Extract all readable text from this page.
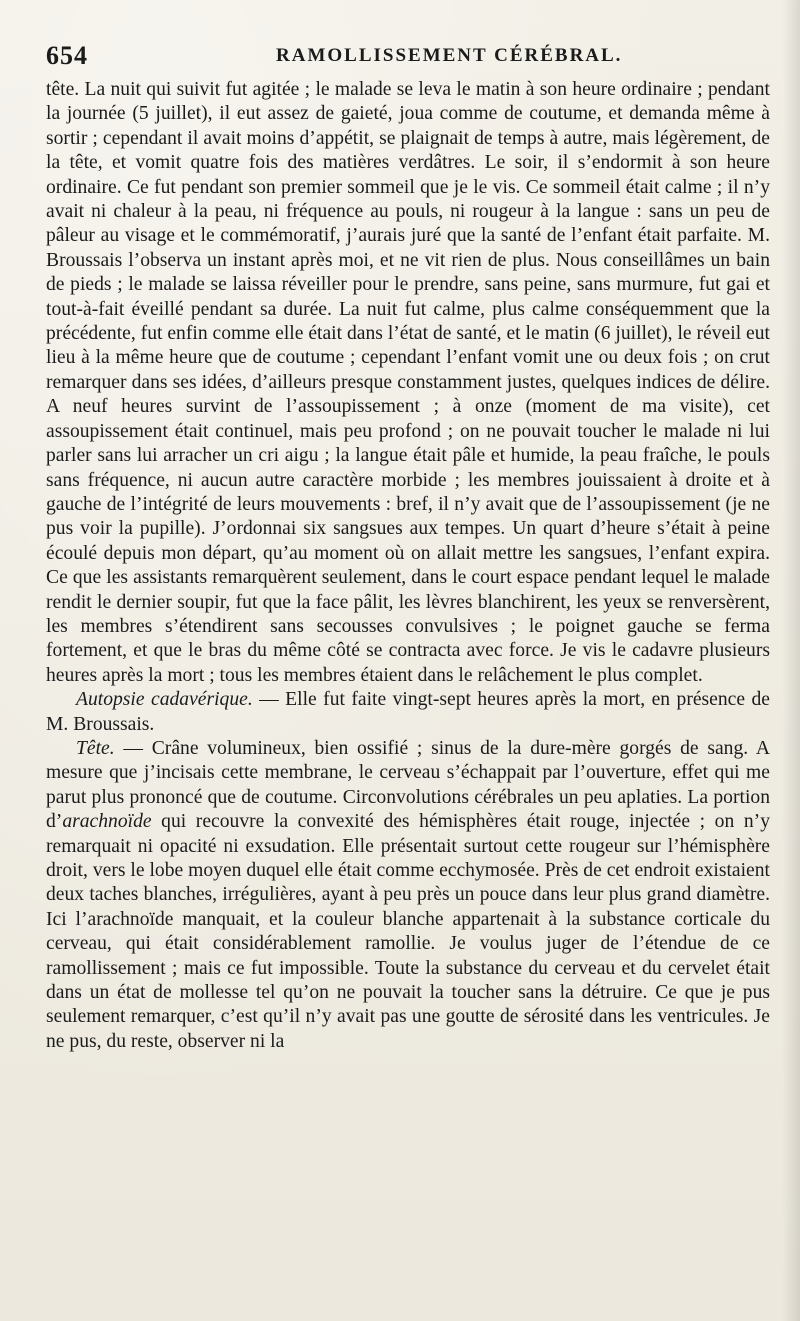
654	RAMOLLISSEMENT CÉRÉBRAL.

tête. La nuit qui suivit fut agitée ; le malade se leva le matin à son heure ordinaire ; pendant la journée (5 juillet), il eut assez de gaieté, joua comme de coutume, et demanda même à sortir ; cependant il avait moins d’appétit, se plaignait de temps à autre, mais légèrement, de la tête, et vomit quatre fois des matières verdâtres. Le soir, il s’endormit à son heure ordinaire. Ce fut pendant son premier sommeil que je le vis. Ce sommeil était calme ; il n’y avait ni chaleur à la peau, ni fréquence au pouls, ni rougeur à la langue : sans un peu de pâleur au visage et le commémoratif, j’aurais juré que la santé de l’enfant était parfaite. M. Broussais l’observa un instant après moi, et ne vit rien de plus. Nous conseillâmes un bain de pieds ; le malade se laissa réveiller pour le prendre, sans peine, sans murmure, fut gai et tout-à-fait éveillé pendant sa durée. La nuit fut calme, plus calme conséquemment que la précédente, fut enfin comme elle était dans l’état de santé, et le matin (6 juillet), le réveil eut lieu à la même heure que de coutume ; cependant l’enfant vomit une ou deux fois ; on crut remarquer dans ses idées, d’ailleurs presque constamment justes, quelques indices de délire. A neuf heures survint de l’assoupissement ; à onze (moment de ma visite), cet assoupissement était continuel, mais peu profond ; on ne pouvait toucher le malade ni lui parler sans lui arracher un cri aigu ; la langue était pâle et humide, la peau fraîche, le pouls sans fréquence, ni aucun autre caractère morbide ; les membres jouissaient à droite et à gauche de l’intégrité de leurs mouvements : bref, il n’y avait que de l’assoupissement (je ne pus voir la pupille). J’ordonnai six sangsues aux tempes. Un quart d’heure s’était à peine écoulé depuis mon départ, qu’au moment où on allait mettre les sangsues, l’enfant expira. Ce que les assistants remarquèrent seulement, dans le court espace pendant lequel le malade rendit le dernier soupir, fut que la face pâlit, les lèvres blanchirent, les yeux se renversèrent, les membres s’étendirent sans secousses convulsives ; le poignet gauche se ferma fortement, et que le bras du même côté se contracta avec force. Je vis le cadavre plusieurs heures après la mort ; tous les membres étaient dans le relâchement le plus complet.

Autopsie cadavérique. — Elle fut faite vingt-sept heures après la mort, en présence de M. Broussais.

Tête. — Crâne volumineux, bien ossifié ; sinus de la dure-mère gorgés de sang. A mesure que j’incisais cette membrane, le cerveau s’échappait par l’ouverture, effet qui me parut plus prononcé que de coutume. Circonvolutions cérébrales un peu aplaties. La portion d’arachnoïde qui recouvre la convexité des hémisphères était rouge, injectée ; on n’y remarquait ni opacité ni exsudation. Elle présentait surtout cette rougeur sur l’hémisphère droit, vers le lobe moyen duquel elle était comme ecchymosée. Près de cet endroit existaient deux taches blanches, irrégulières, ayant à peu près un pouce dans leur plus grand diamètre. Ici l’arachnoïde manquait, et la couleur blanche appartenait à la substance corticale du cerveau, qui était considérablement ramollie. Je voulus juger de l’étendue de ce ramollissement ; mais ce fut impossible. Toute la substance du cerveau et du cervelet était dans un état de mollesse tel qu’on ne pouvait la toucher sans la détruire. Ce que je pus seulement remarquer, c’est qu’il n’y avait pas une goutte de sérosité dans les ventricules. Je ne pus, du reste, observer ni la
